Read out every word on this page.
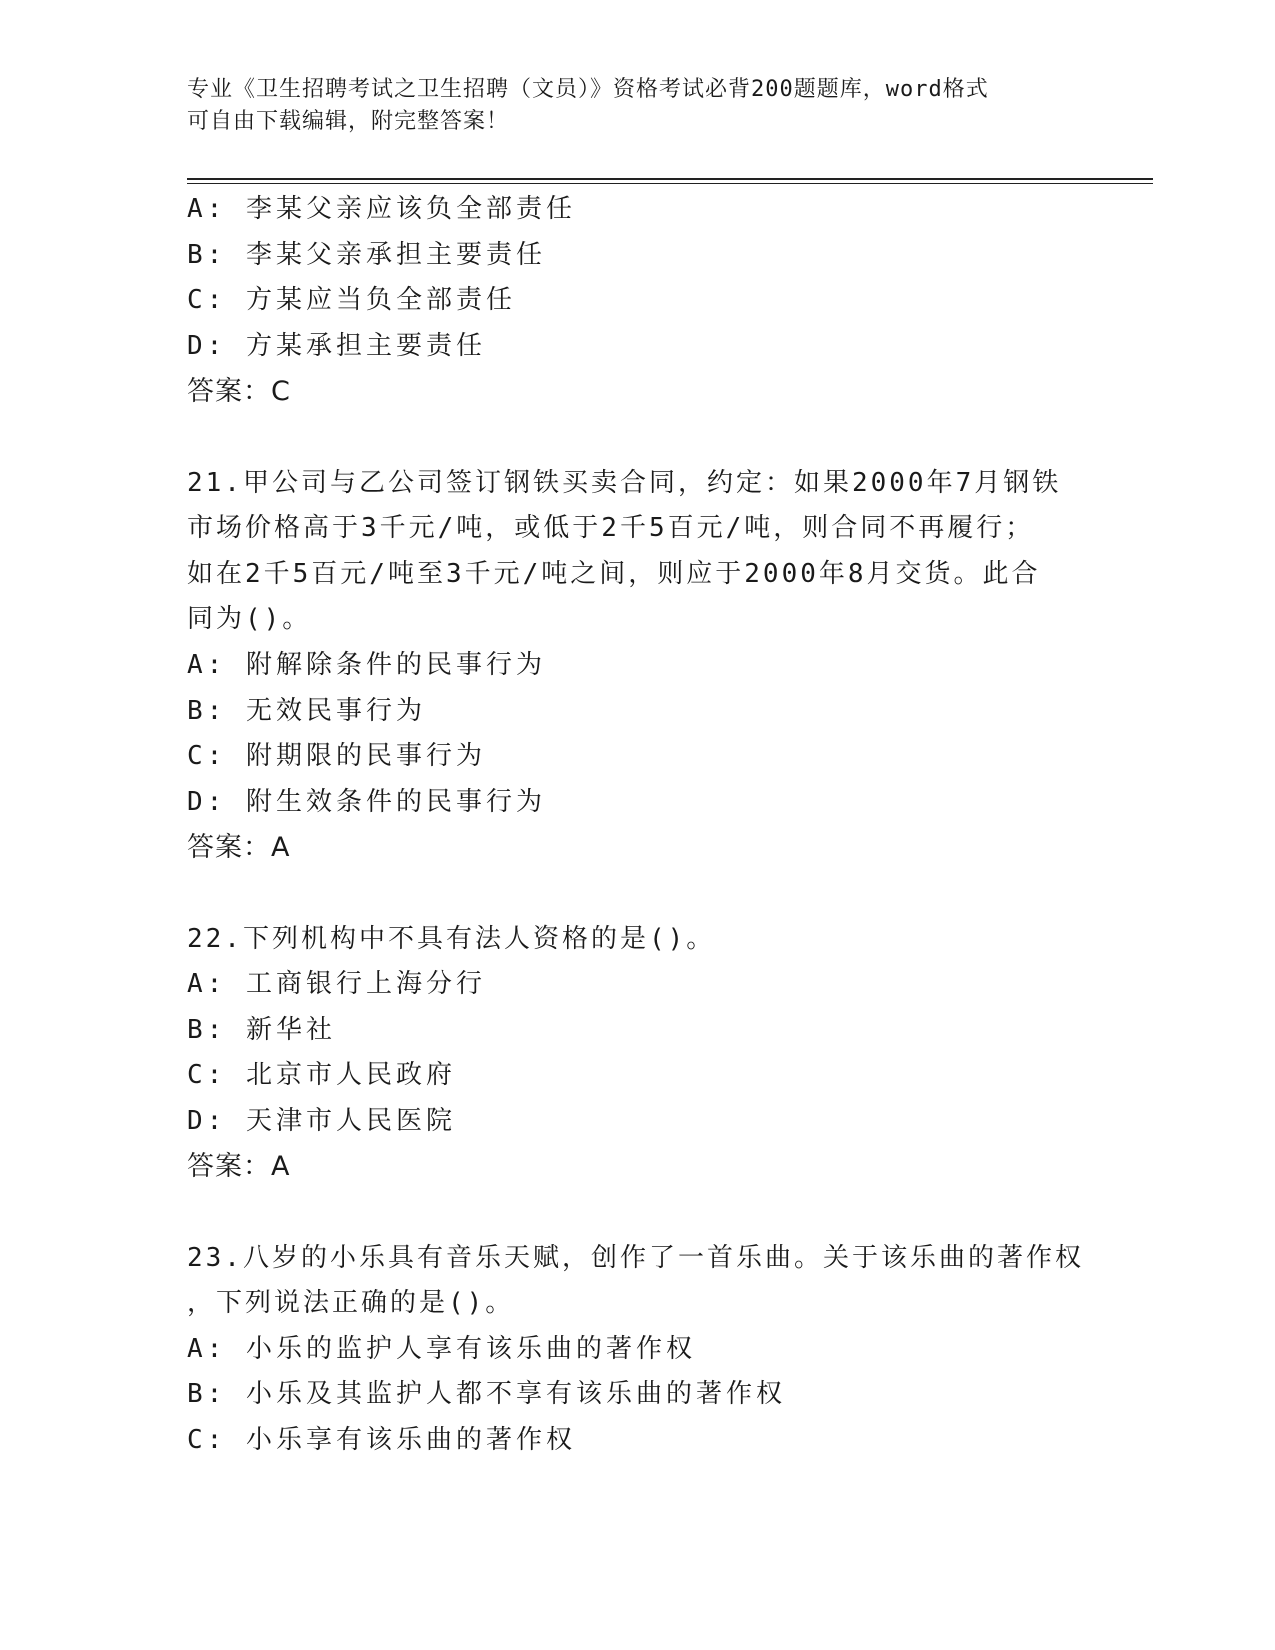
专业《卫生招聘考试之卫生招聘（文员）》资格考试必背200题题库，word格式
可自由下载编辑，附完整答案！
A: 李某父亲应该负全部责任
B: 李某父亲承担主要责任
C: 方某应当负全部责任
D: 方某承担主要责任
答案：C
21.甲公司与乙公司签订钢铁买卖合同，约定：如果2000年7月钢铁
市场价格高于3千元/吨，或低于2千5百元/吨，则合同不再履行；
如在2千5百元/吨至3千元/吨之间，则应于2000年8月交货。此合
同为()。
A: 附解除条件的民事行为
B: 无效民事行为
C: 附期限的民事行为
D: 附生效条件的民事行为
答案：A
22.下列机构中不具有法人资格的是()。
A: 工商银行上海分行
B: 新华社
C: 北京市人民政府
D: 天津市人民医院
答案：A
23.八岁的小乐具有音乐天赋，创作了一首乐曲。关于该乐曲的著作权
，下列说法正确的是()。
A: 小乐的监护人享有该乐曲的著作权
B: 小乐及其监护人都不享有该乐曲的著作权
C: 小乐享有该乐曲的著作权
